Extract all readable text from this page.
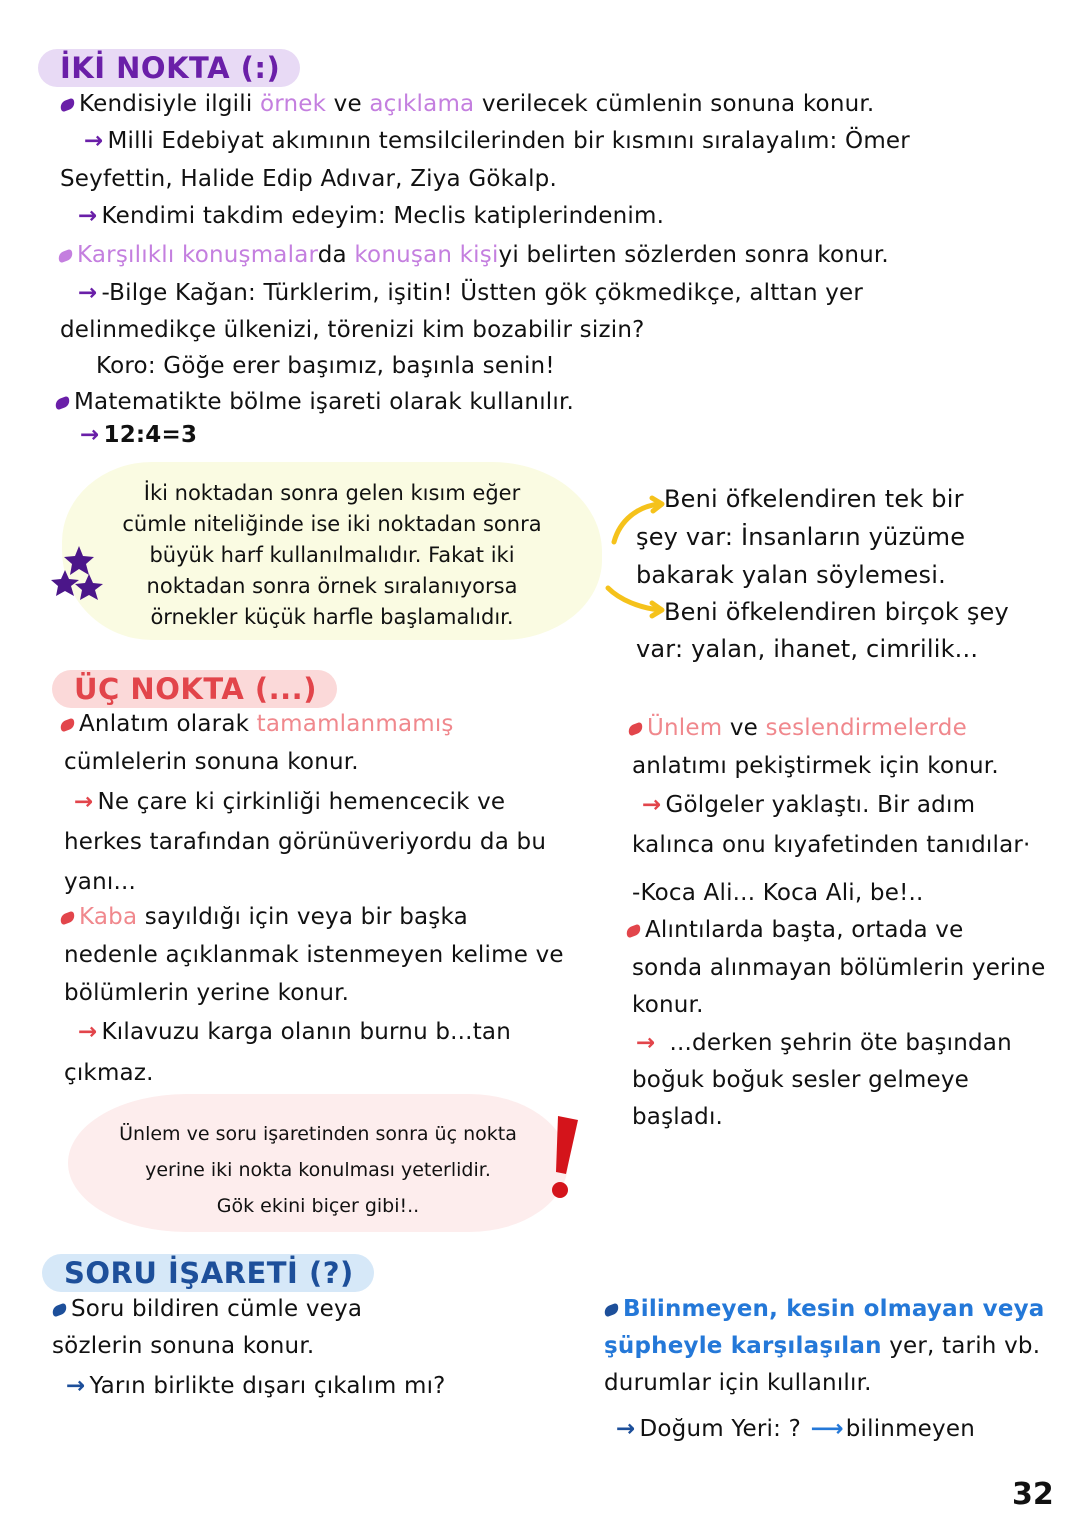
İKİ NOKTA (:)
Kendisiyle ilgili örnek ve açıklama verilecek cümlenin sonuna konur.
→ Milli Edebiyat akımının temsilcilerinden bir kısmını sıralayalım: Ömer
Seyfettin, Halide Edip Adıvar, Ziya Gökalp.
→ Kendimi takdim edeyim: Meclis katiplerindenim.
Karşılıklı konuşmalarda konuşan kişiyi belirten sözlerden sonra konur.
→ -Bilge Kağan: Türklerim, işitin! Üstten gök çökmedikçe, alttan yer
delinmedikçe ülkenizi, törenizi kim bozabilir sizin?
Koro: Göğe erer başımız, başınla senin!
Matematikte bölme işareti olarak kullanılır.
→ 12:4=3
İki noktadan sonra gelen kısım eğer
cümle niteliğinde ise iki noktadan sonra
büyük harf kullanılmalıdır. Fakat iki
noktadan sonra örnek sıralanıyorsa
örnekler küçük harfle başlamalıdır.
Beni öfkelendiren tek bir
şey var: İnsanların yüzüme
bakarak yalan söylemesi.
Beni öfkelendiren birçok şey
var: yalan, ihanet, cimrilik...
ÜÇ NOKTA (...)
Anlatım olarak tamamlanmamış
cümlelerin sonuna konur.
→ Ne çare ki çirkinliği hemencecik ve
herkes tarafından görünüveriyordu da bu
yanı...
Kaba sayıldığı için veya bir başka
nedenle açıklanmak istenmeyen kelime ve
bölümlerin yerine konur.
→ Kılavuzu karga olanın burnu b...tan
çıkmaz.
Ünlem ve soru işaretinden sonra üç nokta
yerine iki nokta konulması yeterlidir.
Gök ekini biçer gibi!..
Ünlem ve seslendirmelerde
anlatımı pekiştirmek için konur.
→ Gölgeler yaklaştı. Bir adım
kalınca onu kıyafetinden tanıdılar·
-Koca Ali... Koca Ali, be!..
Alıntılarda başta, ortada ve
sonda alınmayan bölümlerin yerine
konur.
→ ...derken şehrin öte başından
boğuk boğuk sesler gelmeye
başladı.
SORU İŞARETİ (?)
Soru bildiren cümle veya
sözlerin sonuna konur.
→ Yarın birlikte dışarı çıkalım mı?
Bilinmeyen, kesin olmayan veya
şüpheyle karşılaşılan yer, tarih vb.
durumlar için kullanılır.
→ Doğum Yeri: ? ⟶bilinmeyen
32
